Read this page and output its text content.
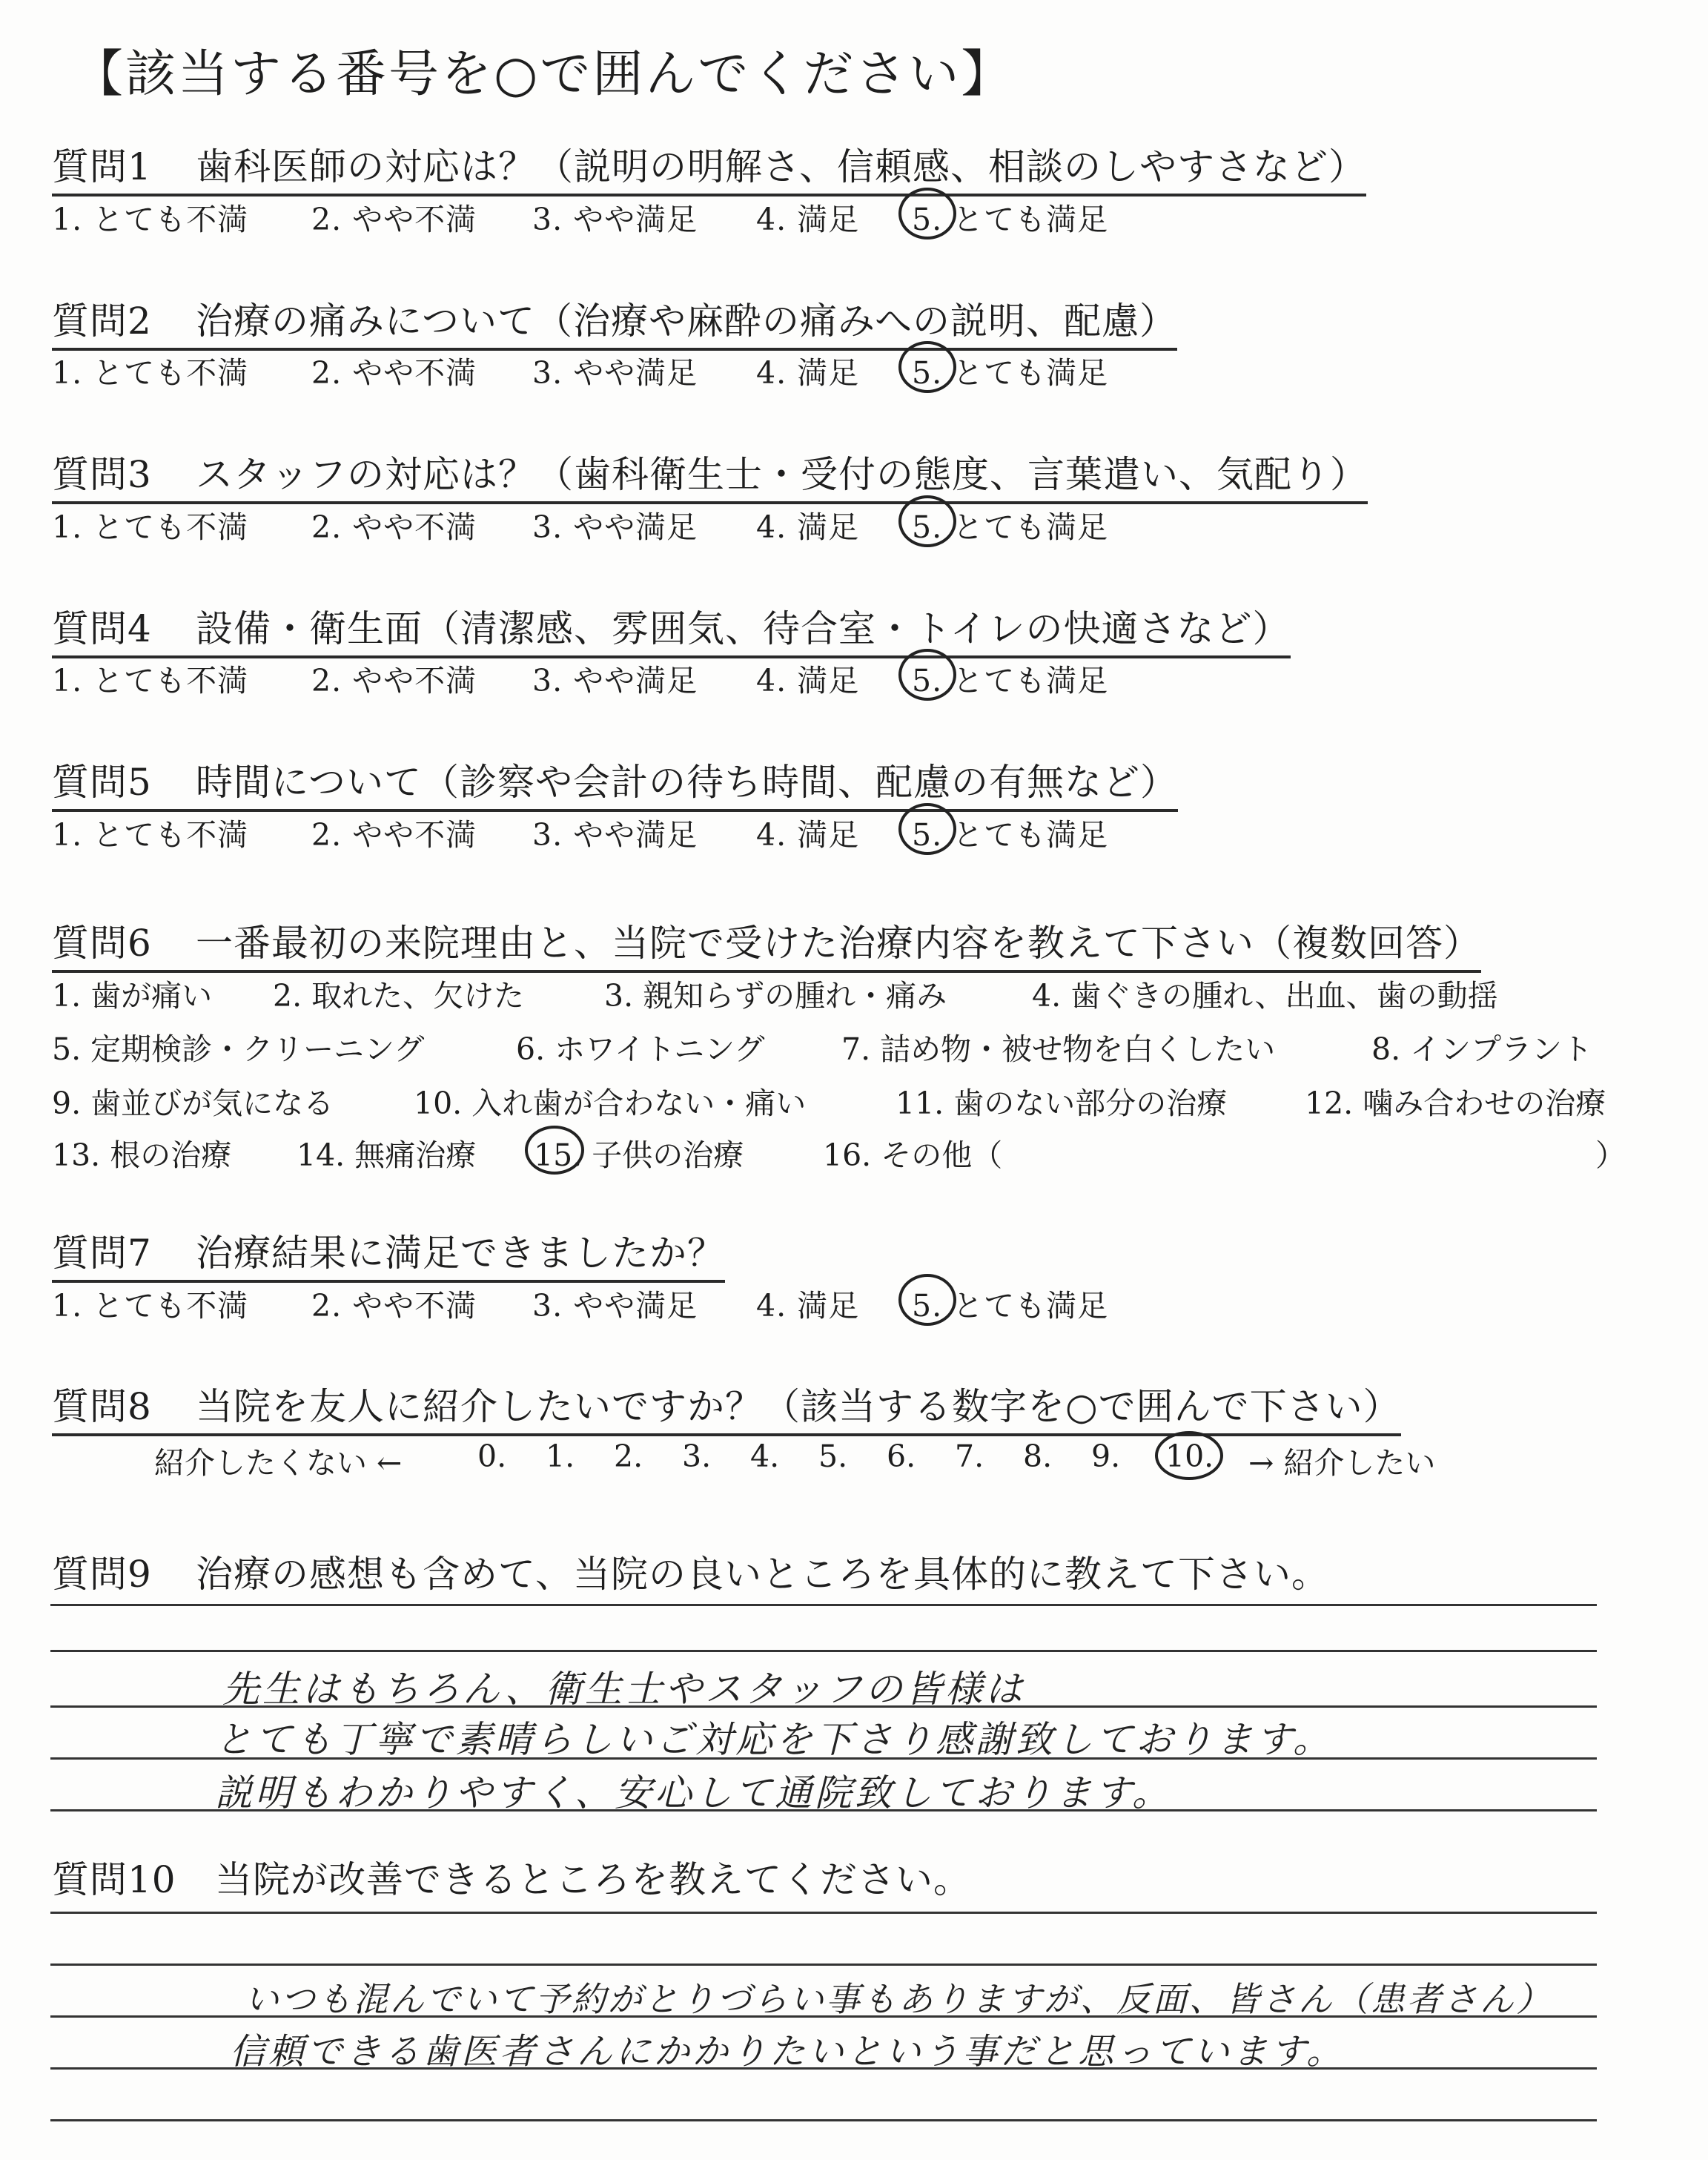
【該当する番号を○で囲んでください】
質問1 歯科医師の対応は？（説明の明解さ、信頼感、相談のしやすさなど）
1. とても不満 2. やや不満 3. やや満足 4. 満足 5. とても満足
質問2 治療の痛みについて（治療や麻酔の痛みへの説明、配慮）
1. とても不満 2. やや不満 3. やや満足 4. 満足 5. とても満足
質問3 スタッフの対応は？（歯科衛生士・受付の態度、言葉遣い、気配り）
1. とても不満 2. やや不満 3. やや満足 4. 満足 5. とても満足
質問4 設備・衛生面（清潔感、雰囲気、待合室・トイレの快適さなど）
1. とても不満 2. やや不満 3. やや満足 4. 満足 5. とても満足
質問5 時間について（診察や会計の待ち時間、配慮の有無など）
1. とても不満 2. やや不満 3. やや満足 4. 満足 5. とても満足
質問6 一番最初の来院理由と、当院で受けた治療内容を教えて下さい（複数回答）
1. 歯が痛い 2. 取れた、欠けた	3. 親知らずの腫れ・痛み	4. 歯ぐきの腫れ、出血、歯の動揺
5. 定期検診・クリーニング	6. ホワイトニング	7. 詰め物・被せ物を白くしたい	8. インプラント
9. 歯並びが気になる	10. 入れ歯が合わない・痛い	11. 歯のない部分の治療	12. 噛み合わせの治療
13. 根の治療 14. 無痛治療 15. 子供の治療	16. その他（	）
質問7 治療結果に満足できましたか？
1. とても不満 2. やや不満 3. やや満足 4. 満足 5. とても満足
質問8 当院を友人に紹介したいですか？（該当する数字を○で囲んで下さい）
紹介したくない ← 0. 1. 2. 3. 4. 5. 6. 7. 8. 9. 10. → 紹介したい
質問9 治療の感想も含めて、当院の良いところを具体的に教えて下さい。
先生はもちろん、衛生士やスタッフの皆様は
とても丁寧で素晴らしいご対応を下さり感謝致しております。
説明もわかりやすく、安心して通院致しております。
質問10 当院が改善できるところを教えてください。
いつも混んでいて予約がとりづらい事もありますが、反面、皆さん（患者さん）
信頼できる歯医者さんにかかりたいという事だと思っています。
